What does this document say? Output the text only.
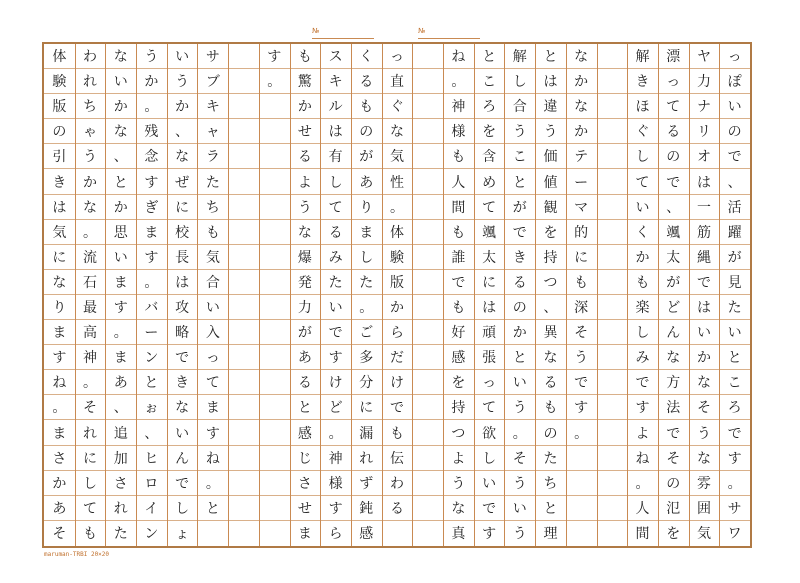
№	№
っ
ぽ
い
の
で
、
活
躍
が
見
た
い
と
こ
ろ
で
す
。
サ
ワ
ヤ
力
ナ
リ
オ
は
一
筋
縄
で
は
い
か
な
そ
う
な
雰
囲
気
漂
っ
て
る
の
で
、
颯
太
が
ど
ん
な
方
法
で
そ
の
氾
を
解
き
ほ
ぐ
し
て
い
く
か
も
楽
し
み
で
す
よ
ね
。
人
間
な
か
な
か
テ
ー
マ
的
に
も
深
そ
う
で
す
。
と
は
違
う
価
値
観
を
持
つ
、
異
な
る
も
の
た
ち
と
理
解
し
合
う
こ
と
が
で
き
る
の
か
と
い
う
。
そ
う
い
う
と
こ
ろ
を
含
め
て
颯
太
に
は
頑
張
っ
て
欲
し
い
で
す
ね
。
神
様
も
人
間
も
誰
で
も
好
感
を
持
つ
よ
う
な
真
っ
直
ぐ
な
気
性
。
体
験
版
か
ら
だ
け
で
も
伝
わ
る
く
る
も
の
が
あ
り
ま
し
た
。
ご
多
分
に
漏
れ
ず
鈍
感
ス
キ
ル
は
有
し
て
る
み
た
い
で
す
け
ど
。
神
様
す
ら
も
驚
か
せ
る
よ
う
な
爆
発
力
が
あ
る
と
感
じ
さ
せ
ま
す
。
サ
ブ
キ
ャ
ラ
た
ち
も
気
合
い
入
っ
て
ま
す
ね
。
と
い
う
か
、
な
ぜ
に
校
長
は
攻
略
で
き
な
い
ん
で
し
ょ
う
か
。
残
念
す
ぎ
ま
す
。
バ
ー
ン
と
ぉ
、
ヒ
ロ
イ
ン
な
い
か
な
、
と
か
思
い
ま
す
。
ま
あ
、
追
加
さ
れ
た
わ
れ
ち
ゃ
う
か
な
。
流
石
最
高
神
。
そ
れ
に
し
て
も
体
験
版
の
引
き
は
気
に
な
り
ま
す
ね
。
ま
さ
か
あ
そ
maruman-TRBI 20×20
